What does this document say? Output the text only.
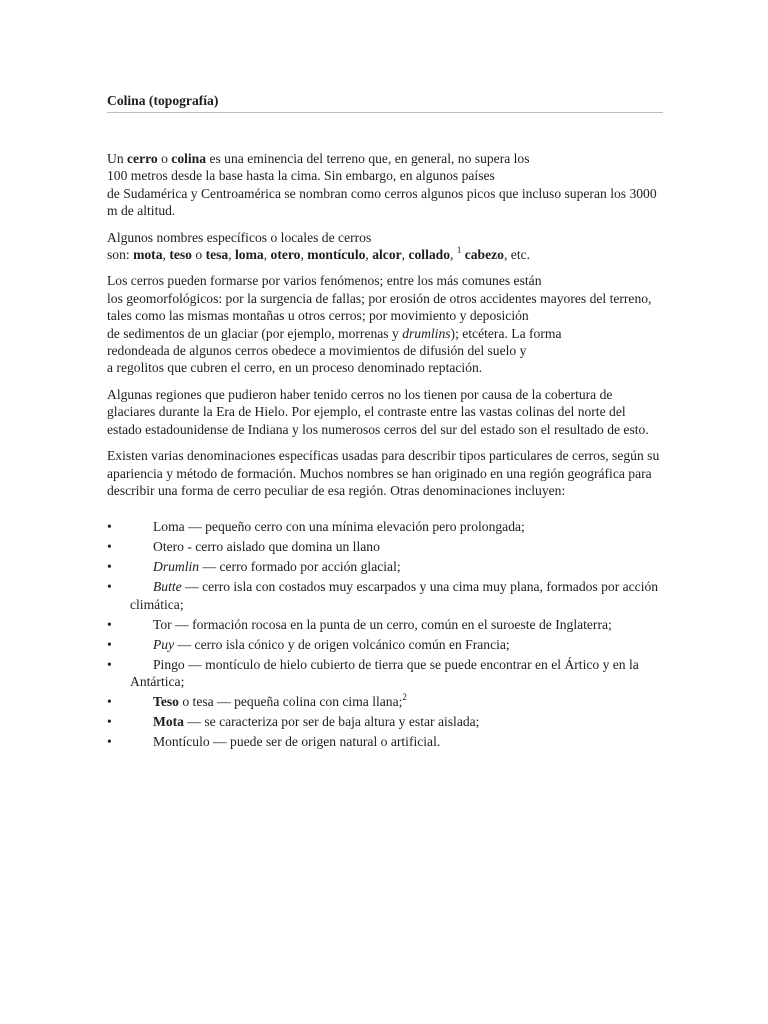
Colina (topografía)

Un cerro o colina es una eminencia del terreno que, en general, no supera los
100 metros desde la base hasta la cima. Sin embargo, en algunos países
de Sudamérica y Centroamérica se nombran como cerros algunos picos que incluso superan los 3000 m de altitud.

Algunos nombres específicos o locales de cerros
son: mota, teso o tesa, loma, otero, montículo, alcor, collado, $^1$ cabezo, etc.

Los cerros pueden formarse por varios fenómenos; entre los más comunes están
los geomorfológicos: por la surgencia de fallas; por erosión de otros accidentes mayores del terreno, tales como las mismas montañas u otros cerros; por movimiento y deposición
de sedimentos de un glaciar (por ejemplo, morrenas y drumlins); etcétera. La forma
redondeada de algunos cerros obedece a movimientos de difusión del suelo y
a regolitos que cubren el cerro, en un proceso denominado reptación.

Algunas regiones que pudieron haber tenido cerros no los tienen por causa de la cobertura de glaciares durante la Era de Hielo. Por ejemplo, el contraste entre las vastas colinas del norte del estado estadounidense de Indiana y los numerosos cerros del sur del estado son el resultado de esto.

Existen varias denominaciones específicas usadas para describir tipos particulares de cerros, según su apariencia y método de formación. Muchos nombres se han originado en una región geográfica para describir una forma de cerro peculiar de esa región. Otras denominaciones incluyen:

•
Loma — pequeño cerro con una mínima elevación pero prolongada;
•
Otero - cerro aislado que domina un llano
•
Drumlin — cerro formado por acción glacial;
•
Butte — cerro isla con costados muy escarpados y una cima muy plana, formados por acción climática;
•
Tor — formación rocosa en la punta de un cerro, común en el suroeste de Inglaterra;
•
Puy — cerro isla cónico y de origen volcánico común en Francia;
•
Pingo — montículo de hielo cubierto de tierra que se puede encontrar en el Ártico y en la Antártica;
•
Teso o tesa — pequeña colina con cima llana;$^2$
•
Mota — se caracteriza por ser de baja altura y estar aislada;
•
Montículo — puede ser de origen natural o artificial.
